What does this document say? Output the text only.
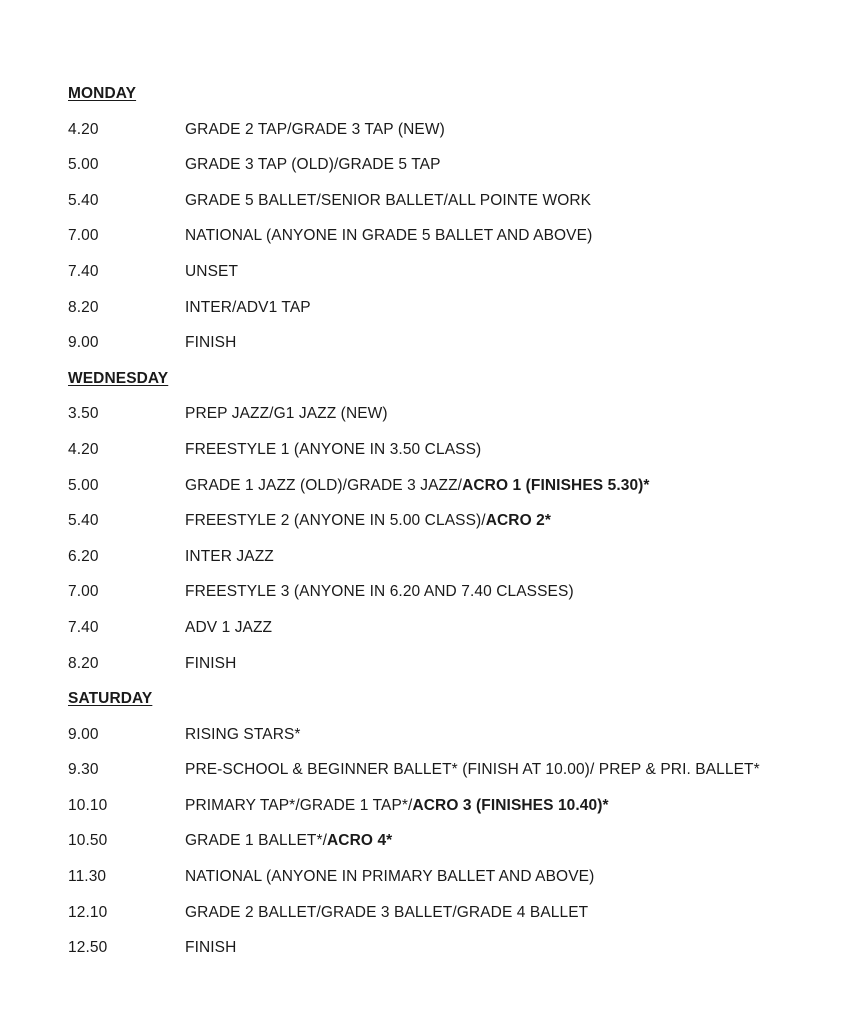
MONDAY
4.20	GRADE 2 TAP/GRADE 3 TAP (NEW)
5.00	GRADE 3 TAP (OLD)/GRADE 5 TAP
5.40	GRADE 5 BALLET/SENIOR BALLET/ALL POINTE WORK
7.00	NATIONAL (ANYONE IN GRADE 5 BALLET AND ABOVE)
7.40	UNSET
8.20	INTER/ADV1 TAP
9.00	FINISH
WEDNESDAY
3.50	PREP JAZZ/G1 JAZZ (NEW)
4.20	FREESTYLE 1 (ANYONE IN 3.50 CLASS)
5.00	GRADE 1 JAZZ (OLD)/GRADE 3 JAZZ/ACRO 1 (FINISHES 5.30)*
5.40	FREESTYLE 2 (ANYONE IN 5.00 CLASS)/ACRO 2*
6.20	INTER JAZZ
7.00	FREESTYLE 3 (ANYONE IN 6.20 AND 7.40 CLASSES)
7.40	ADV 1 JAZZ
8.20	FINISH
SATURDAY
9.00	RISING STARS*
9.30	PRE-SCHOOL & BEGINNER BALLET* (FINISH AT 10.00)/ PREP & PRI. BALLET*
10.10	PRIMARY TAP*/GRADE 1 TAP*/ACRO 3 (FINISHES 10.40)*
10.50	GRADE 1 BALLET*/ACRO 4*
11.30	NATIONAL (ANYONE IN PRIMARY BALLET AND ABOVE)
12.10	GRADE 2 BALLET/GRADE 3 BALLET/GRADE 4 BALLET
12.50	FINISH
